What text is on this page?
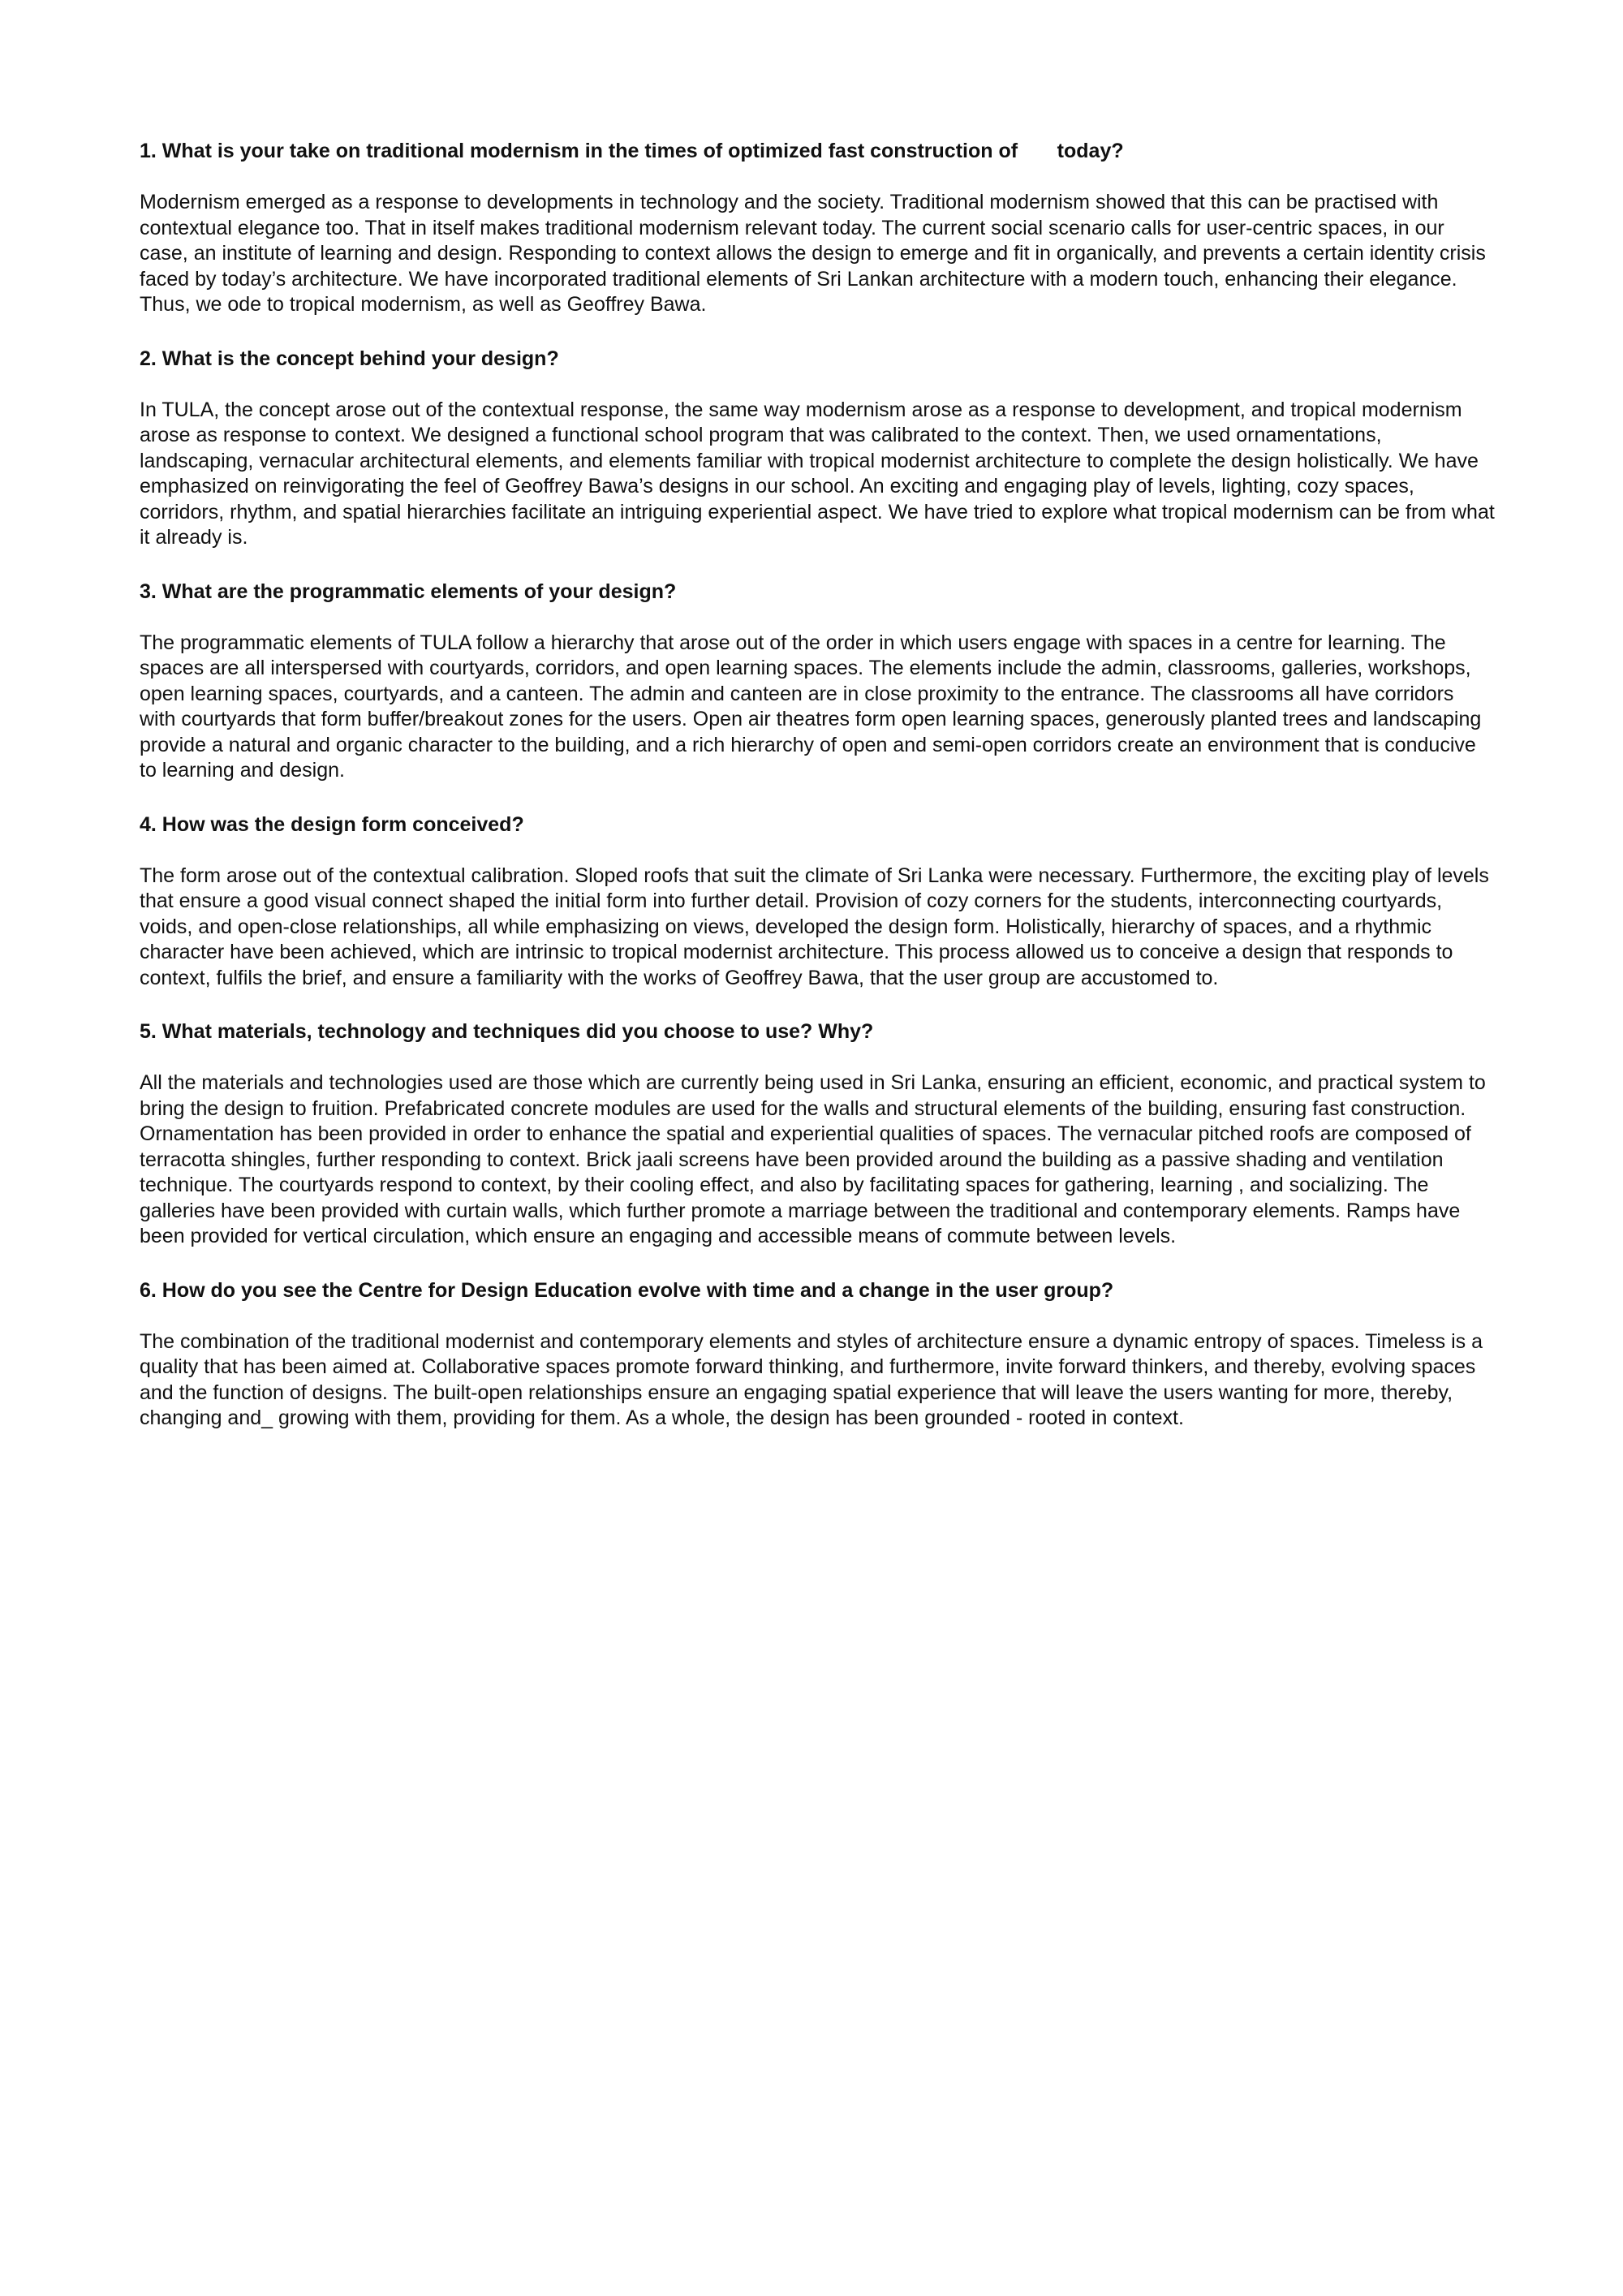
1. What is your take on traditional modernism in the times of optimized fast construction of       today?

Modernism emerged as a response to developments in technology and the society. Traditional modernism showed that this can be practised with contextual elegance too. That in itself makes traditional modernism relevant today. The current social scenario calls for user-centric spaces, in our case, an institute of learning and design. Responding to context allows the design to emerge and fit in organically, and prevents a certain identity crisis faced by today’s architecture. We have incorporated traditional elements of Sri Lankan architecture with a modern touch, enhancing their elegance. Thus, we ode to tropical modernism, as well as Geoffrey Bawa.

2. What is the concept behind your design?

In TULA, the concept arose out of the contextual response, the same way modernism arose as a response to development, and tropical modernism arose as response to context. We designed a functional school program that was calibrated to the context. Then, we used ornamentations, landscaping, vernacular architectural elements, and elements familiar with tropical modernist architecture to complete the design holistically. We have emphasized on reinvigorating the feel of Geoffrey Bawa’s designs in our school. An exciting and engaging play of levels, lighting, cozy spaces, corridors, rhythm, and spatial hierarchies facilitate an intriguing experiential aspect. We have tried to explore what tropical modernism can be from what it already is.

3. What are the programmatic elements of your design?

The programmatic elements of TULA follow a hierarchy that arose out of the order in which users engage with spaces in a centre for learning. The spaces are all interspersed with courtyards, corridors, and open learning spaces. The elements include the admin, classrooms, galleries, workshops, open learning spaces, courtyards, and a canteen. The admin and canteen are in close proximity to the entrance. The classrooms all have corridors with courtyards that form buffer/breakout zones for the users. Open air theatres form open learning spaces, generously planted trees and landscaping provide a natural and organic character to the building, and a rich hierarchy of open and semi-open corridors create an environment that is conducive to learning and design.

4. How was the design form conceived?

The form arose out of the contextual calibration. Sloped roofs that suit the climate of Sri Lanka were necessary. Furthermore, the exciting play of levels that ensure a good visual connect shaped the initial form into further detail. Provision of cozy corners for the students, interconnecting courtyards, voids, and open-close relationships, all while emphasizing on views, developed the design form. Holistically, hierarchy of spaces, and a rhythmic character have been achieved, which are intrinsic to tropical modernist architecture. This process allowed us to conceive a design that responds to context, fulfils the brief, and ensure a familiarity with the works of Geoffrey Bawa, that the user group are accustomed to.

5. What materials, technology and techniques did you choose to use? Why?

All the materials and technologies used are those which are currently being used in Sri Lanka, ensuring an efficient, economic, and practical system to bring the design to fruition. Prefabricated concrete modules are used for the walls and structural elements of the building, ensuring fast construction. Ornamentation has been provided in order to enhance the spatial and experiential qualities of spaces. The vernacular pitched roofs are composed of terracotta shingles, further responding to context. Brick jaali screens have been provided around the building as a passive shading and ventilation technique. The courtyards respond to context, by their cooling effect, and also by facilitating spaces for gathering, learning , and socializing. The galleries have been provided with curtain walls, which further promote a marriage between the traditional and contemporary elements. Ramps have been provided for vertical circulation, which ensure an engaging and accessible means of commute between levels.

6. How do you see the Centre for Design Education evolve with time and a change in the user group?

The combination of the traditional modernist and contemporary elements and styles of architecture ensure a dynamic entropy of spaces. Timeless is a quality that has been aimed at. Collaborative spaces promote forward thinking, and furthermore, invite forward thinkers, and thereby, evolving spaces and the function of designs. The built-open relationships ensure an engaging spatial experience that will leave the users wanting for more, thereby, changing and_ growing with them, providing for them. As a whole, the design has been grounded - rooted in context.
